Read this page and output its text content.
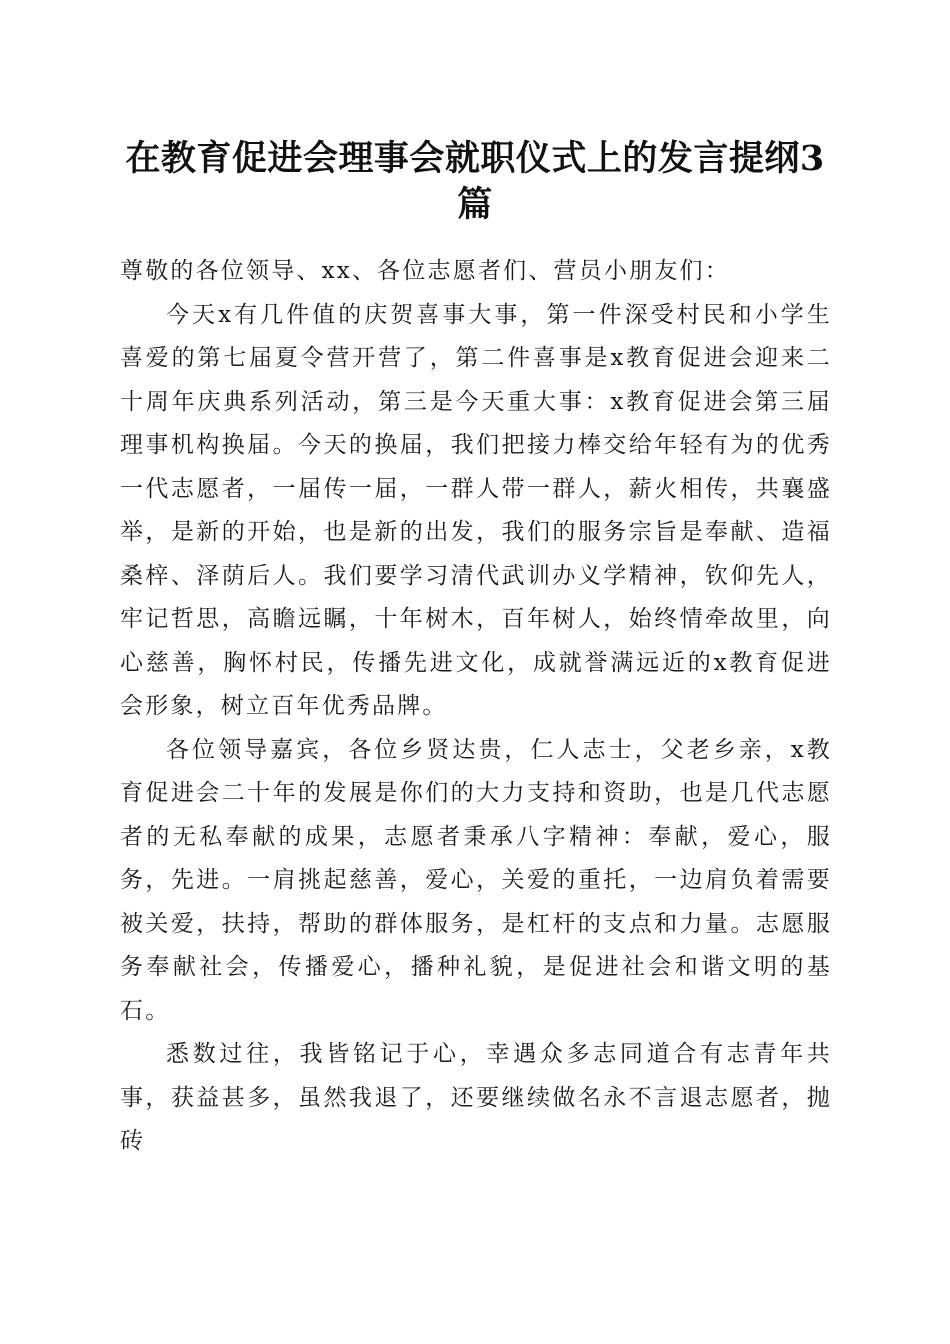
在教育促进会理事会就职仪式上的发言提纲3篇

尊敬的各位领导、xx、各位志愿者们、营员小朋友们：

今天x有几件值的庆贺喜事大事，第一件深受村民和小学生喜爱的第七届夏令营开营了，第二件喜事是x教育促进会迎来二十周年庆典系列活动，第三是今天重大事：x教育促进会第三届理事机构换届。今天的换届，我们把接力棒交给年轻有为的优秀一代志愿者，一届传一届，一群人带一群人，薪火相传，共襄盛举，是新的开始，也是新的出发，我们的服务宗旨是奉献、造福桑梓、泽荫后人。我们要学习清代武训办义学精神，钦仰先人，牢记哲思，高瞻远瞩，十年树木，百年树人，始终情牵故里，向心慈善，胸怀村民，传播先进文化，成就誉满远近的x教育促进会形象，树立百年优秀品牌。

各位领导嘉宾，各位乡贤达贵，仁人志士，父老乡亲，x教育促进会二十年的发展是你们的大力支持和资助，也是几代志愿者的无私奉献的成果，志愿者秉承八字精神：奉献，爱心，服务，先进。一肩挑起慈善，爱心，关爱的重托，一边肩负着需要被关爱，扶持，帮助的群体服务，是杠杆的支点和力量。志愿服务奉献社会，传播爱心，播种礼貌，是促进社会和谐文明的基石。

悉数过往，我皆铭记于心，幸遇众多志同道合有志青年共事，获益甚多，虽然我退了，还要继续做名永不言退志愿者，抛砖
